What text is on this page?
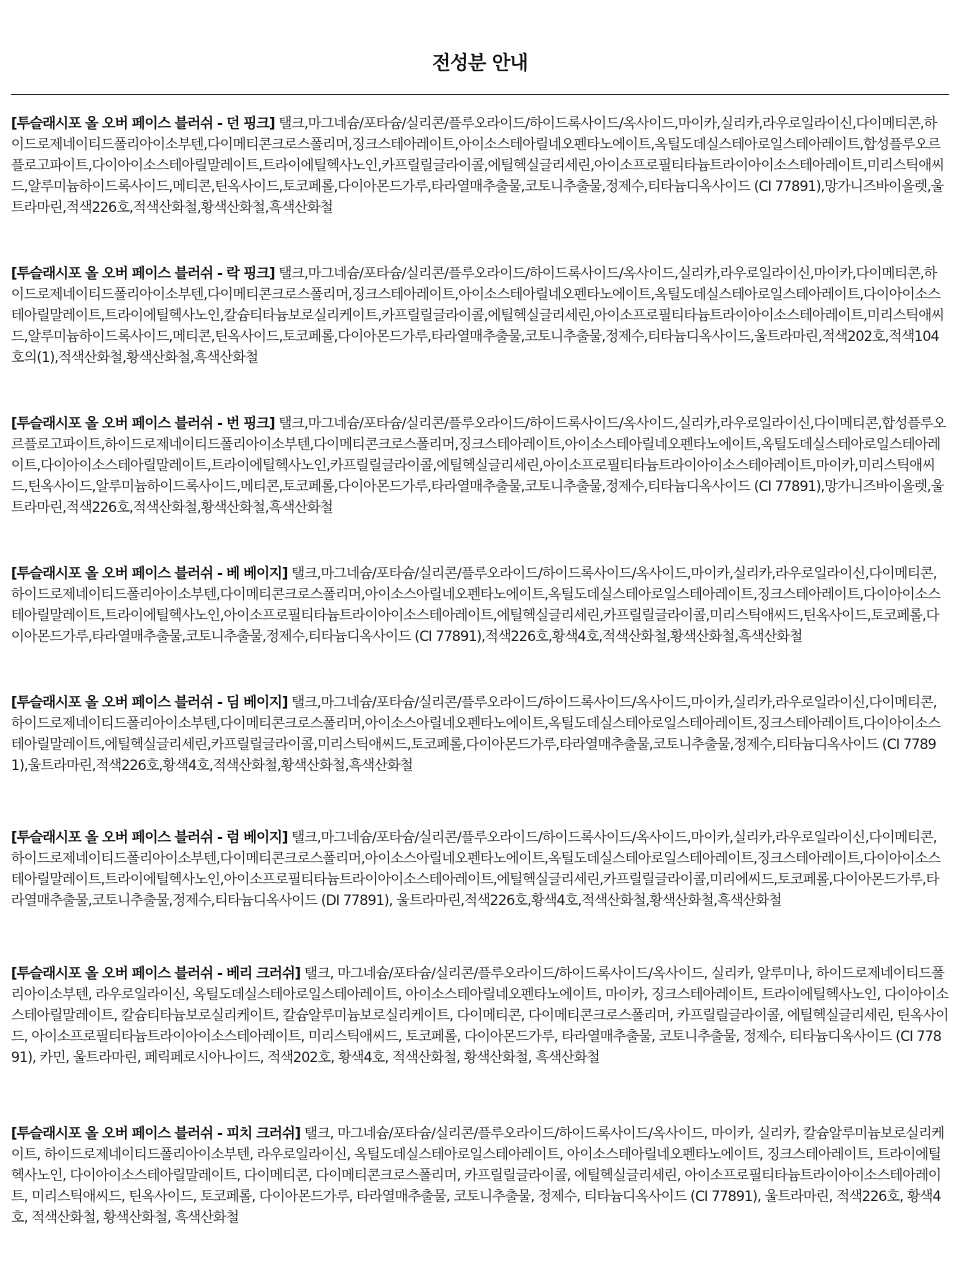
전성분 안내

[투슬래시포 올 오버 페이스 블러쉬 - 던 핑크] 탤크,마그네슘/포타슘/실리콘/플루오라이드/하이드록사이드/옥사이드,마이카,실리카,라우로일라이신,다이메티콘,하이드로제네이티드폴리아이소부텐,다이메티콘크로스폴리머,징크스테아레이트,아이소스테아릴네오펜타노에이트,옥틸도데실스테아로일스테아레이트,합성플루오르플로고파이트,다이아이소스테아릴말레이트,트라이에틸헥사노인,카프릴릴글라이콜,에틸헥실글리세린,아이소프로필티타늄트라이아이소스테아레이트,미리스틱애씨드,알루미늄하이드록사이드,메티콘,틴옥사이드,토코페롤,다이아몬드가루,타라열매추출물,코토니추출물,정제수,티타늄디옥사이드 (CI 77891),망가니즈바이올렛,울트라마린,적색226호,적색산화철,황색산화철,흑색산화철

[투슬래시포 올 오버 페이스 블러쉬 - 락 핑크] 탤크,마그네슘/포타슘/실리콘/플루오라이드/하이드록사이드/옥사이드,실리카,라우로일라이신,마이카,다이메티콘,하이드로제네이티드폴리아이소부텐,다이메티콘크로스폴리머,징크스테아레이트,아이소스테아릴네오펜타노에이트,옥틸도데실스테아로일스테아레이트,다이아이소스테아릴말레이트,트라이에틸헥사노인,칼슘티타늄보로실리케이트,카프릴릴글라이콜,에틸헥실글리세린,아이소프로필티타늄트라이아이소스테아레이트,미리스틱애씨드,알루미늄하이드록사이드,메티콘,틴옥사이드,토코페롤,다이아몬드가루,타라열매추출물,코토니추출물,정제수,티타늄디옥사이드,울트라마린,적색202호,적색104호의(1),적색산화철,황색산화철,흑색산화철

[투슬래시포 올 오버 페이스 블러쉬 - 번 핑크] 탤크,마그네슘/포타슘/실리콘/플루오라이드/하이드록사이드/옥사이드,실리카,라우로일라이신,다이메티콘,합성플루오르플로고파이트,하이드로제네이티드폴리아이소부텐,다이메티콘크로스폴리머,징크스테아레이트,아이소스테아릴네오펜타노에이트,옥틸도데실스테아로일스테아레이트,다이아이소스테아릴말레이트,트라이에틸헥사노인,카프릴릴글라이콜,에틸헥실글리세린,아이소프로필티타늄트라이아이소스테아레이트,마이카,미리스틱애씨드,틴옥사이드,알루미늄하이드록사이드,메티콘,토코페롤,다이아몬드가루,타라열매추출물,코토니추출물,정제수,티타늄디옥사이드 (CI 77891),망가니즈바이올렛,울트라마린,적색226호,적색산화철,황색산화철,흑색산화철

[투슬래시포 올 오버 페이스 블러쉬 - 베 베이지] 탤크,마그네슘/포타슘/실리콘/플루오라이드/하이드록사이드/옥사이드,마이카,실리카,라우로일라이신,다이메티콘,하이드로제네이티드폴리아이소부텐,다이메티콘크로스폴리머,아이소스아릴네오펜타노에이트,옥틸도데실스테아로일스테아레이트,징크스테아레이트,다이아이소스테아릴말레이트,트라이에틸헥사노인,아이소프로필티타늄트라이아이소스테아레이트,에틸헥실글리세린,카프릴릴글라이콜,미리스틱애씨드,틴옥사이드,토코페롤,다이아몬드가루,타라열매추출물,코토니추출물,정제수,티타늄디옥사이드 (CI 77891),적색226호,황색4호,적색산화철,황색산화철,흑색산화철

[투슬래시포 올 오버 페이스 블러쉬 - 딤 베이지] 탤크,마그네슘/포타슘/실리콘/플루오라이드/하이드록사이드/옥사이드,마이카,실리카,라우로일라이신,다이메티콘,하이드로제네이티드폴리아이소부텐,다이메티콘크로스폴리머,아이소스아릴네오펜타노에이트,옥틸도데실스테아로일스테아레이트,징크스테아레이트,다이아이소스테아릴말레이트,에틸헥실글리세린,카프릴릴글라이콜,미리스틱애씨드,토코페롤,다이아몬드가루,타라열매추출물,코토니추출물,정제수,티타늄디옥사이드 (CI 77891),울트라마린,적색226호,황색4호,적색산화철,황색산화철,흑색산화철

[투슬래시포 올 오버 페이스 블러쉬 - 럼 베이지] 탤크,마그네슘/포타슘/실리콘/플루오라이드/하이드록사이드/옥사이드,마이카,실리카,라우로일라이신,다이메티콘,하이드로제네이티드폴리아이소부텐,다이메티콘크로스폴리머,아이소스아릴네오펜타노에이트,옥틸도데실스테아로일스테아레이트,징크스테아레이트,다이아이소스테아릴말레이트,트라이에틸헥사노인,아이소프로필티타늄트라이아이소스테아레이트,에틸헥실글리세린,카프릴릴글라이콜,미리에씨드,토코페롤,다이아몬드가루,타라열매추출물,코토니추출물,정제수,티타늄디옥사이드 (DI 77891), 울트라마린,적색226호,황색4호,적색산화철,황색산화철,흑색산화철

[투슬래시포 올 오버 페이스 블러쉬 - 베리 크러쉬] 탤크, 마그네슘/포타슘/실리콘/플루오라이드/하이드록사이드/옥사이드, 실리카, 알루미나, 하이드로제네이티드폴리아이소부텐, 라우로일라이신, 옥틸도데실스테아로일스테아레이트, 아이소스테아릴네오펜타노에이트, 마이카, 징크스테아레이트, 트라이에틸헥사노인, 다이아이소스테아릴말레이트, 칼슘티타늄보로실리케이트, 칼슘알루미늄보로실리케이트, 다이메티콘, 다이메티콘크로스폴리머, 카프릴릴글라이콜, 에틸헥실글리세린, 틴옥사이드, 아이소프로필티타늄트라이아이소스테아레이트, 미리스틱애씨드, 토코페롤, 다이아몬드가루, 타라열매추출물, 코토니추출물, 정제수, 티타늄디옥사이드 (CI 77891), 카민, 울트라마린, 페릭페로시아나이드, 적색202호, 황색4호, 적색산화철, 황색산화철, 흑색산화철

[투슬래시포 올 오버 페이스 블러쉬 - 피치 크러쉬] 탤크, 마그네슘/포타슘/실리콘/플루오라이드/하이드록사이드/옥사이드, 마이카, 실리카, 칼슘알루미늄보로실리케이트, 하이드로제네이티드폴리아이소부텐, 라우로일라이신, 옥틸도데실스테아로일스테아레이트, 아이소스테아릴네오펜타노에이트, 징크스테아레이트, 트라이에틸헥사노인, 다이아이소스테아릴말레이트, 다이메티콘, 다이메티콘크로스폴리머, 카프릴릴글라이콜, 에틸헥실글리세린, 아이소프로필티타늄트라이아이소스테아레이트, 미리스틱애씨드, 틴옥사이드, 토코페롤, 다이아몬드가루, 타라열매추출물, 코토니추출물, 정제수, 티타늄디옥사이드 (CI 77891), 울트라마린, 적색226호, 황색4호, 적색산화철, 황색산화철, 흑색산화철
